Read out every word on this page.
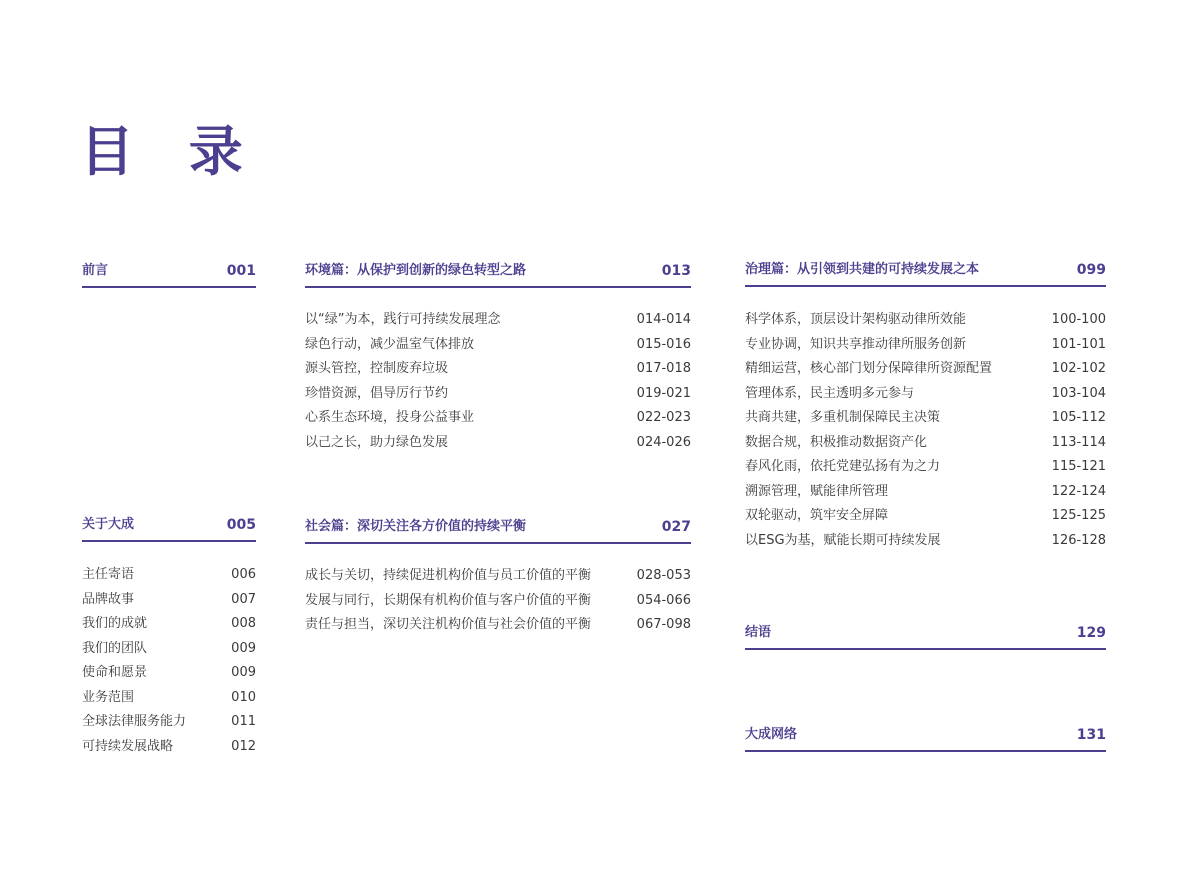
目 录
前言	001
关于大成	005
主任寄语	006
品牌故事	007
我们的成就	008
我们的团队	009
使命和愿景	009
业务范围	010
全球法律服务能力	011
可持续发展战略	012
环境篇：从保护到创新的绿色转型之路	013
以“绿”为本，践行可持续发展理念	014-014
绿色行动，减少温室气体排放	015-016
源头管控，控制废弃垃圾	017-018
珍惜资源，倡导厉行节约	019-021
心系生态环境，投身公益事业	022-023
以己之长，助力绿色发展	024-026
社会篇：深切关注各方价值的持续平衡	027
成长与关切，持续促进机构价值与员工价值的平衡	028-053
发展与同行，长期保有机构价值与客户价值的平衡	054-066
责任与担当，深切关注机构价值与社会价值的平衡	067-098
治理篇：从引领到共建的可持续发展之本	099
科学体系，顶层设计架构驱动律所效能	100-100
专业协调，知识共享推动律所服务创新	101-101
精细运营，核心部门划分保障律所资源配置	102-102
管理体系，民主透明多元参与	103-104
共商共建，多重机制保障民主决策	105-112
数据合规，积极推动数据资产化	113-114
春风化雨，依托党建弘扬有为之力	115-121
溯源管理，赋能律所管理	122-124
双轮驱动，筑牢安全屏障	125-125
以ESG为基，赋能长期可持续发展	126-128
结语	129
大成网络	131
